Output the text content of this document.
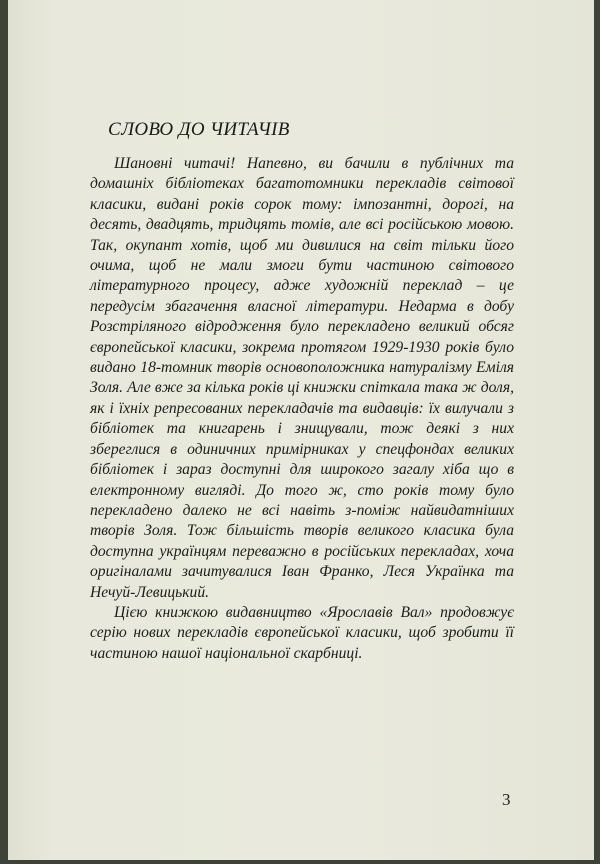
СЛОВО ДО ЧИТАЧІВ

Шановні читачі! Напевно, ви бачили в публічних та домашніх бібліотеках багатотомники перекладів світової класики, видані років сорок тому: імпозантні, дорогі, на десять, двадцять, тридцять томів, але всі російською мовою. Так, окупант хотів, щоб ми дивилися на світ тільки його очима, щоб не мали змоги бути частиною світового літературного процесу, адже художній переклад – це передусім збагачення власної літератури. Недарма в добу Розстріляного відродження було перекладено великий обсяг європейської класики, зокрема протягом 1929-1930 років було видано 18-томник творів основоположника натуралізму Еміля Золя. Але вже за кілька років ці книжки спіткала така ж доля, як і їхніх репресованих перекладачів та видавців: їх вилучали з бібліотек та книгарень і знищували, тож деякі з них збереглися в одиничних примірниках у спецфондах великих бібліотек і зараз доступні для широкого загалу хіба що в електронному вигляді. До того ж, сто років тому було перекладено далеко не всі навіть з-поміж найвидатніших творів Золя. Тож більшість творів великого класика була доступна українцям переважно в російських перекладах, хоча оригіналами зачитувалися Іван Франко, Леся Українка та Нечуй-Левицький.

Цією книжкою видавництво «Ярославів Вал» продовжує серію нових перекладів європейської класики, щоб зробити її частиною нашої національної скарбниці.

3
